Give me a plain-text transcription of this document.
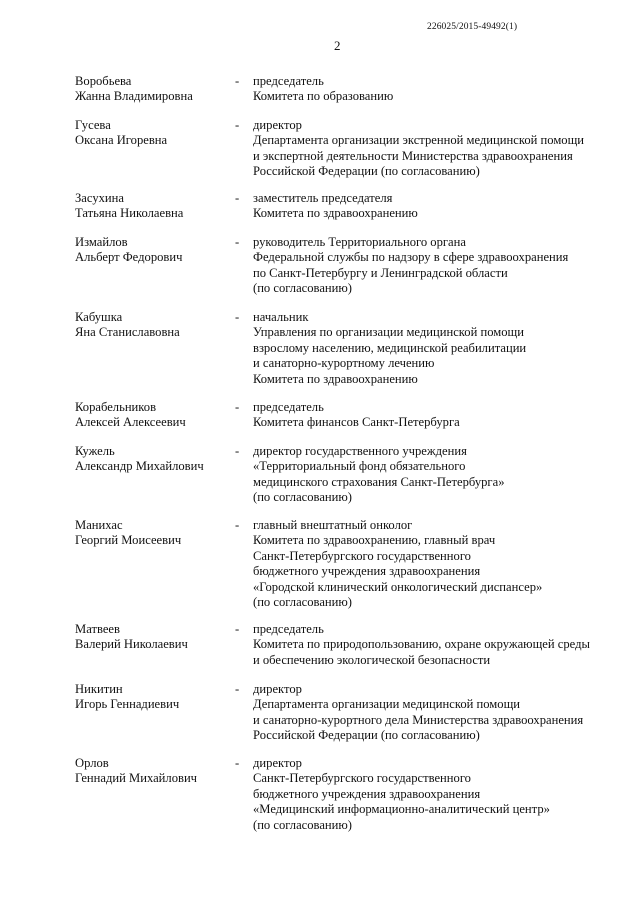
226025/2015-49492(1)
2
Воробьева
Жанна Владимировна
- председатель
Комитета по образованию
Гусева
Оксана Игоревна
- директор
Департамента организации экстренной медицинской помощи
и экспертной деятельности Министерства здравоохранения
Российской Федерации (по согласованию)
Засухина
Татьяна Николаевна
- заместитель председателя
Комитета по здравоохранению
Измайлов
Альберт Федорович
- руководитель Территориального органа
Федеральной службы по надзору в сфере здравоохранения
по Санкт-Петербургу и Ленинградской области
(по согласованию)
Кабушка
Яна Станиславовна
- начальник
Управления по организации медицинской помощи
взрослому населению, медицинской реабилитации
и санаторно-курортному лечению
Комитета по здравоохранению
Корабельников
Алексей Алексеевич
- председатель
Комитета финансов Санкт-Петербурга
Кужель
Александр Михайлович
- директор государственного учреждения
«Территориальный фонд обязательного
медицинского страхования Санкт-Петербурга»
(по согласованию)
Манихас
Георгий Моисеевич
- главный внештатный онколог
Комитета по здравоохранению, главный врач
Санкт-Петербургского государственного
бюджетного учреждения здравоохранения
«Городской клинический онкологический диспансер»
(по согласованию)
Матвеев
Валерий Николаевич
- председатель
Комитета по природопользованию, охране окружающей среды
и обеспечению экологической безопасности
Никитин
Игорь Геннадиевич
- директор
Департамента организации медицинской помощи
и санаторно-курортного дела Министерства здравоохранения
Российской Федерации (по согласованию)
Орлов
Геннадий Михайлович
- директор
Санкт-Петербургского государственного
бюджетного учреждения здравоохранения
«Медицинский информационно-аналитический центр»
(по согласованию)
